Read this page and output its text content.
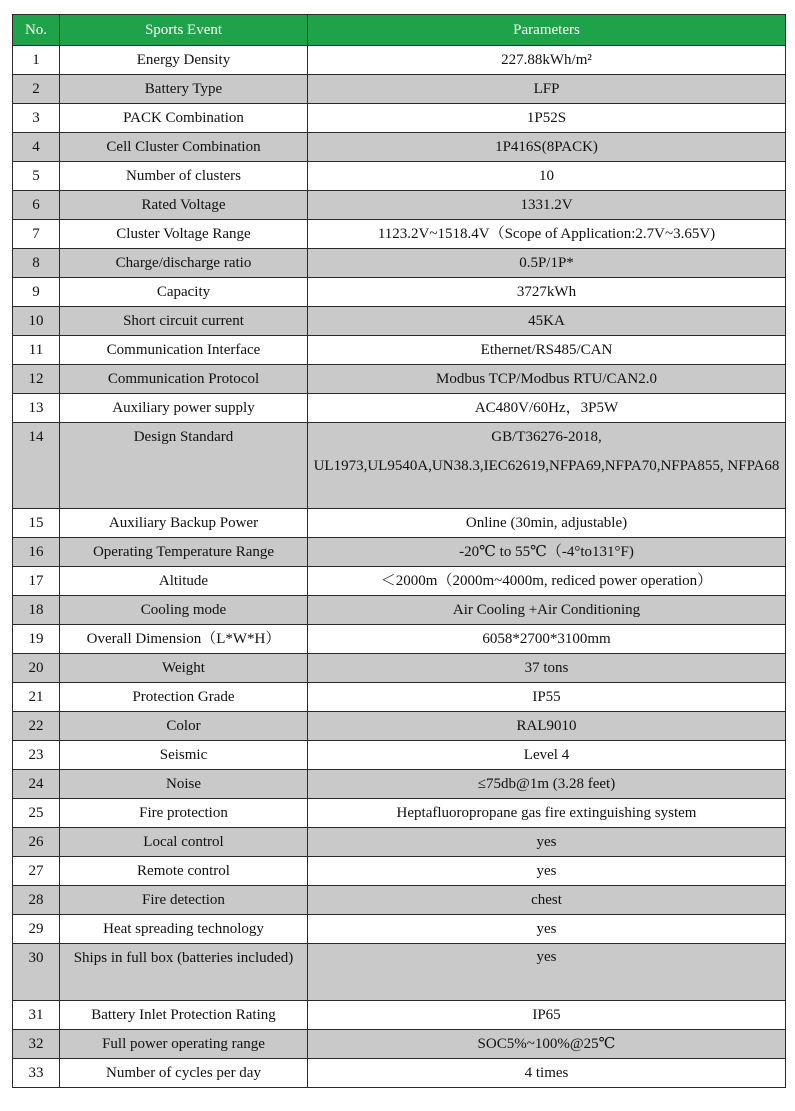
No.	Sports Event	Parameters
1	Energy Density	227.88kWh/m²
2	Battery Type	LFP
3	PACK Combination	1P52S
4	Cell Cluster Combination	1P416S(8PACK)
5	Number of clusters	10
6	Rated Voltage	1331.2V
7	Cluster Voltage Range	1123.2V~1518.4V（Scope of Application:2.7V~3.65V)
8	Charge/discharge ratio	0.5P/1P*
9	Capacity	3727kWh
10	Short circuit current	45KA
11	Communication Interface	Ethernet/RS485/CAN
12	Communication Protocol	Modbus TCP/Modbus RTU/CAN2.0
13	Auxiliary power supply	AC480V/60Hz，3P5W
14	Design Standard	GB/T36276-2018, UL1973,UL9540A,UN38.3,IEC62619,NFPA69,NFPA70,NFPA855, NFPA68
15	Auxiliary Backup Power	Online (30min, adjustable)
16	Operating Temperature Range	-20℃ to 55℃（-4°to131°F)
17	Altitude	＜2000m（2000m~4000m, rediced power operation）
18	Cooling mode	Air Cooling +Air Conditioning
19	Overall Dimension（L*W*H）	6058*2700*3100mm
20	Weight	37 tons
21	Protection Grade	IP55
22	Color	RAL9010
23	Seismic	Level 4
24	Noise	≤75db@1m (3.28 feet)
25	Fire protection	Heptafluoropropane gas fire extinguishing system
26	Local control	yes
27	Remote control	yes
28	Fire detection	chest
29	Heat spreading technology	yes
30	Ships in full box (batteries included)	yes
31	Battery Inlet Protection Rating	IP65
32	Full power operating range	SOC5%~100%@25℃
33	Number of cycles per day	4 times
